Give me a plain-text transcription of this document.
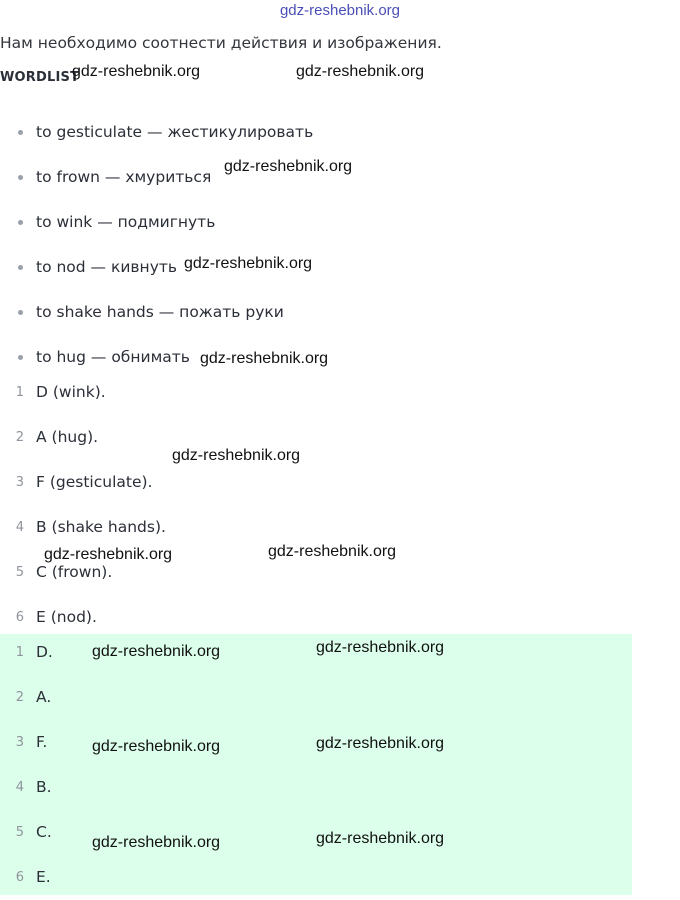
gdz-reshebnik.org
Нам необходимо соотнести действия и изображения.
WORDLIST
to gesticulate — жестикулировать
to frown — хмуриться
to wink — подмигнуть
to nod — кивнуть
to shake hands — пожать руки
to hug — обнимать
1 D (wink).
2 A (hug).
3 F (gesticulate).
4 B (shake hands).
5 C (frown).
6 E (nod).
1 D.
2 A.
3 F.
4 B.
5 C.
6 E.
gdz-reshebnik.org	gdz-reshebnik.org
gdz-reshebnik.org
gdz-reshebnik.org
gdz-reshebnik.org
gdz-reshebnik.org
gdz-reshebnik.org	gdz-reshebnik.org
gdz-reshebnik.org	gdz-reshebnik.org
gdz-reshebnik.org	gdz-reshebnik.org
gdz-reshebnik.org	gdz-reshebnik.org
